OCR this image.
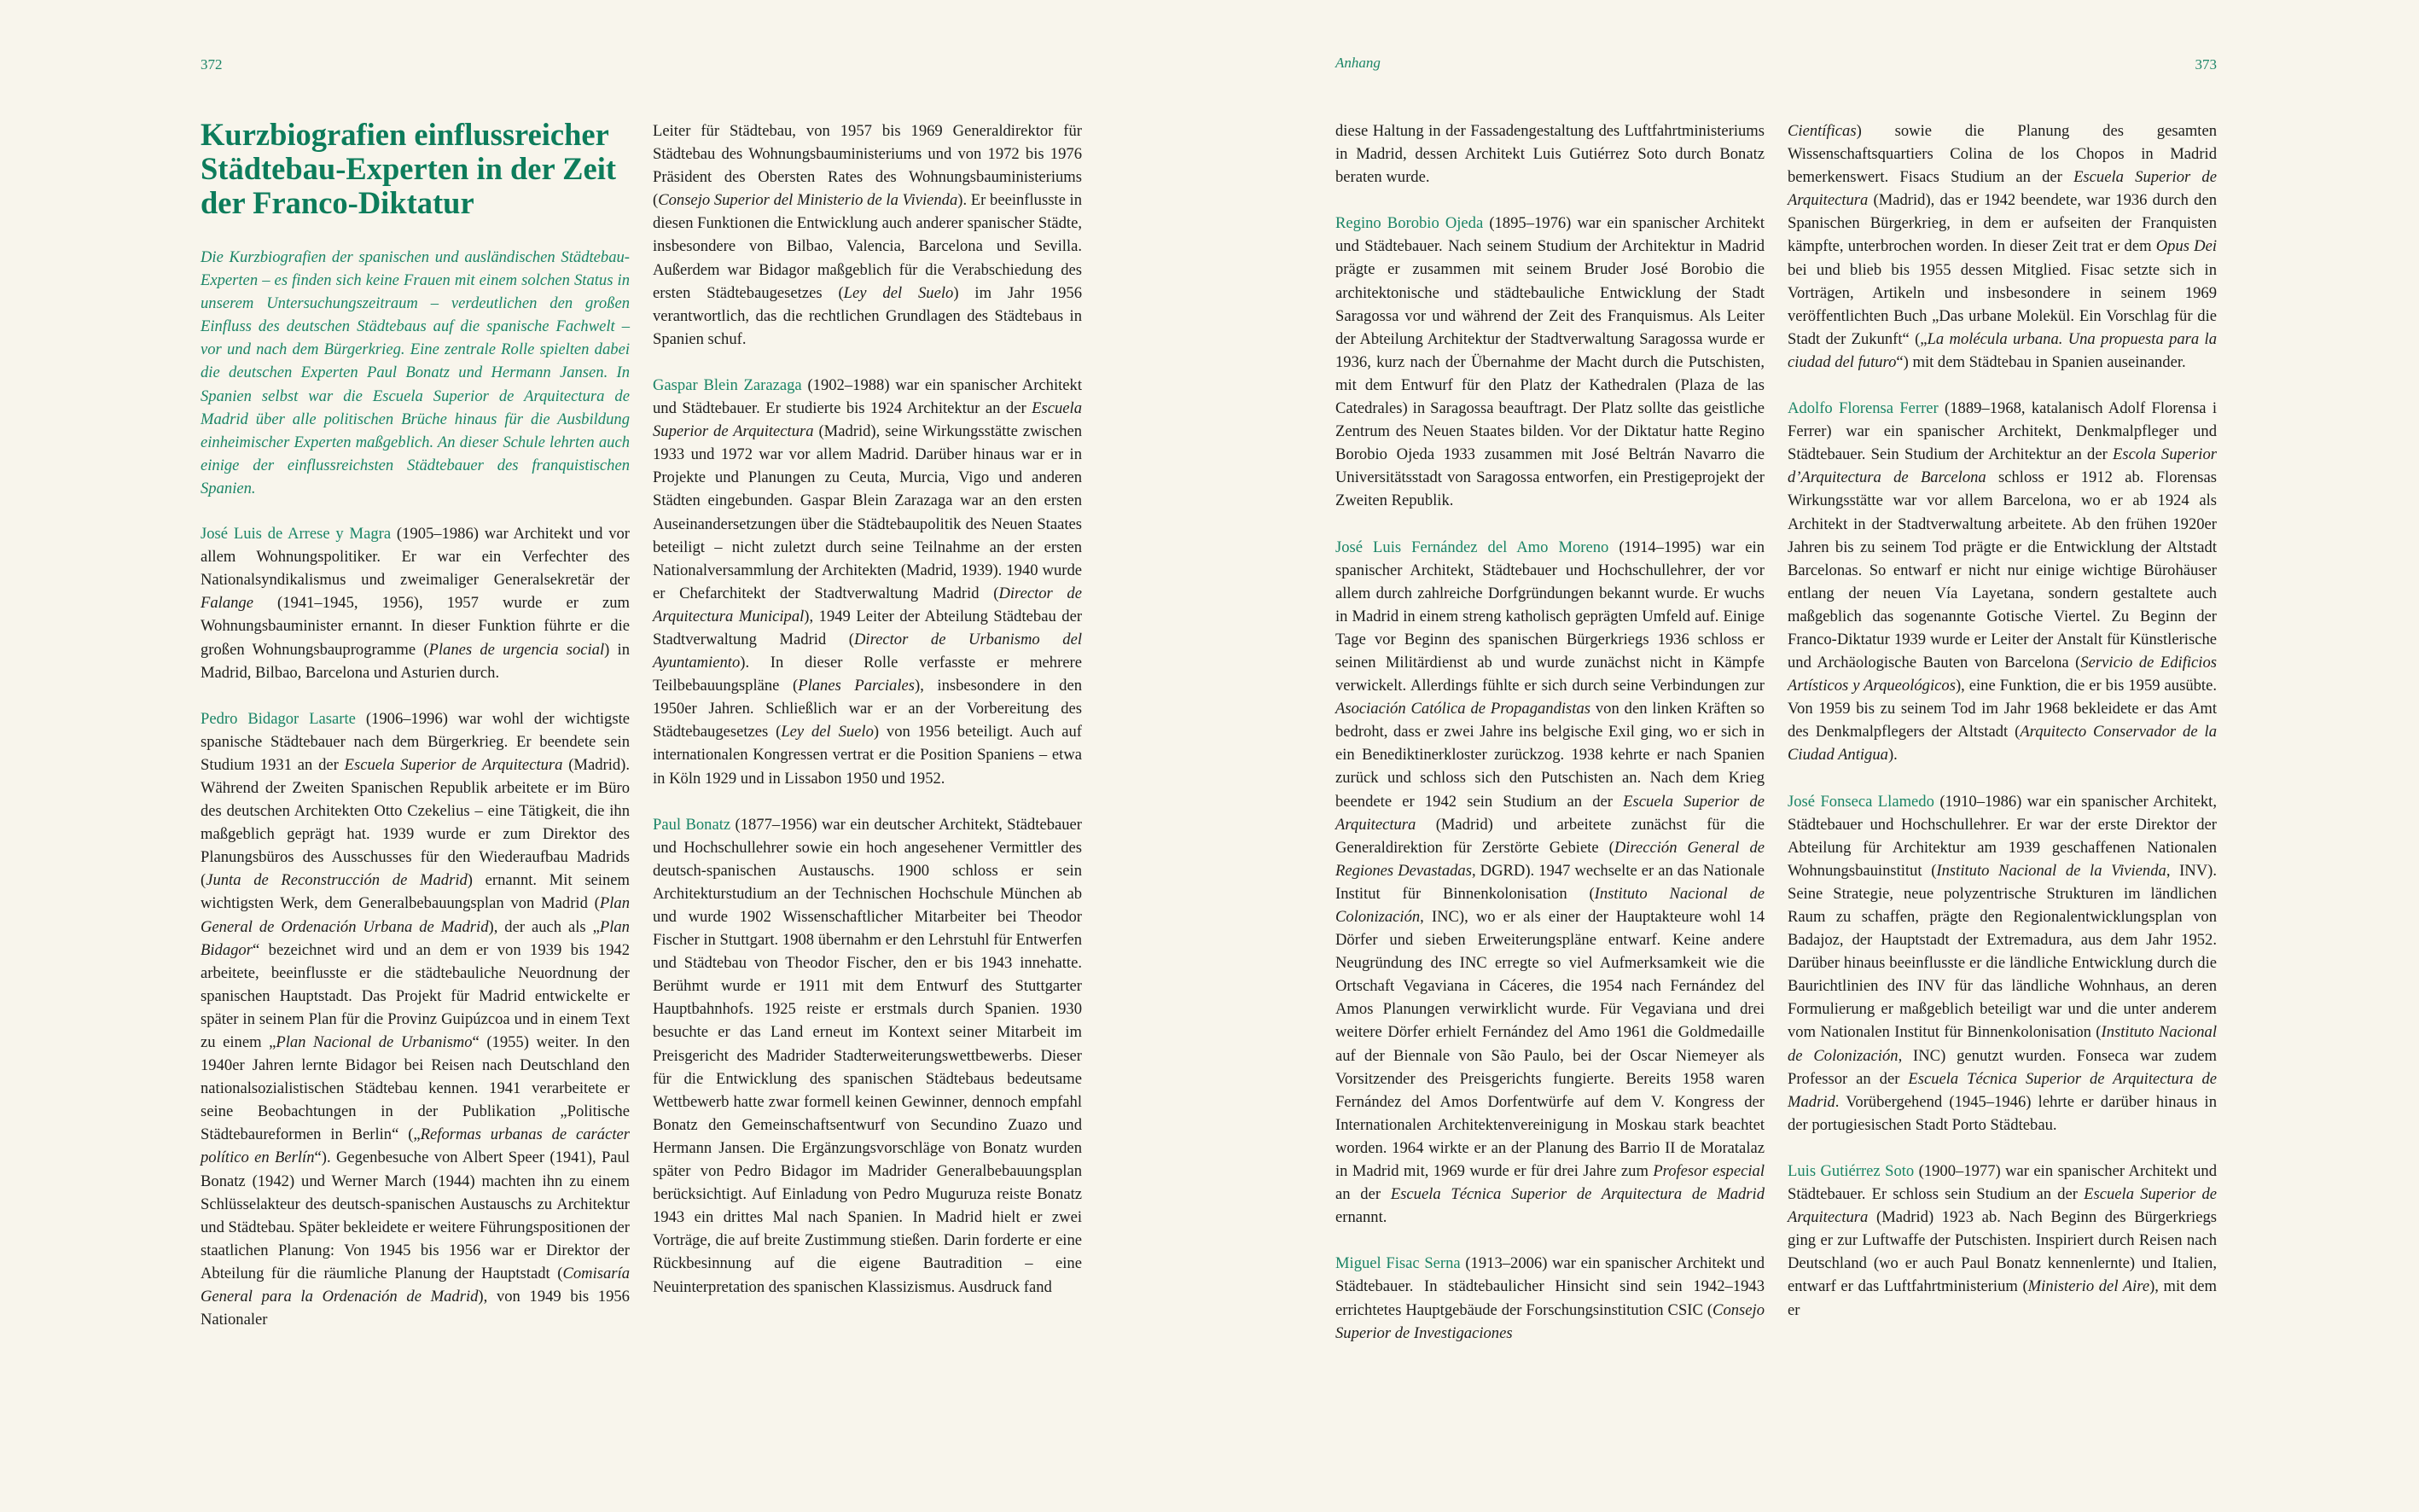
372	Anhang	373
Kurzbiografien einflussreicher Städtebau-Experten in der Zeit der Franco-Diktatur

Die Kurzbiografien der spanischen und ausländischen Städtebau-Experten – es finden sich keine Frauen mit einem solchen Status in unserem Untersuchungszeitraum – verdeutlichen den großen Einfluss des deutschen Städtebaus auf die spanische Fachwelt – vor und nach dem Bürgerkrieg. Eine zentrale Rolle spielten dabei die deutschen Experten Paul Bonatz und Hermann Jansen. In Spanien selbst war die Escuela Superior de Arquitectura de Madrid über alle politischen Brüche hinaus für die Ausbildung einheimischer Experten maßgeblich. An dieser Schule lehrten auch einige der einflussreichsten Städtebauer des franquistischen Spanien.

José Luis de Arrese y Magra (1905–1986) war Architekt und vor allem Wohnungspolitiker. Er war ein Verfechter des Nationalsyndikalismus und zweimaliger Generalsekretär der Falange (1941–1945, 1956), 1957 wurde er zum Wohnungsbauminister ernannt. In dieser Funktion führte er die großen Wohnungsbauprogramme (Planes de urgencia social) in Madrid, Bilbao, Barcelona und Asturien durch.

Pedro Bidagor Lasarte (1906–1996) war wohl der wichtigste spanische Städtebauer nach dem Bürgerkrieg. Er beendete sein Studium 1931 an der Escuela Superior de Arquitectura (Madrid). Während der Zweiten Spanischen Republik arbeitete er im Büro des deutschen Architekten Otto Czekelius – eine Tätigkeit, die ihn maßgeblich geprägt hat. 1939 wurde er zum Direktor des Planungsbüros des Ausschusses für den Wiederaufbau Madrids (Junta de Reconstrucción de Madrid) ernannt. Mit seinem wichtigsten Werk, dem Generalbebauungsplan von Madrid (Plan General de Ordenación Urbana de Madrid), der auch als „Plan Bidagor“ bezeichnet wird und an dem er von 1939 bis 1942 arbeitete, beeinflusste er die städtebauliche Neuordnung der spanischen Hauptstadt. Das Projekt für Madrid entwickelte er später in seinem Plan für die Provinz Guipúzcoa und in einem Text zu einem „Plan Nacional de Urbanismo“ (1955) weiter. In den 1940er Jahren lernte Bidagor bei Reisen nach Deutschland den nationalsozialistischen Städtebau kennen. 1941 verarbeitete er seine Beobachtungen in der Publikation „Politische Städtebaureformen in Berlin“ („Reformas urbanas de carácter político en Berlín“). Gegenbesuche von Albert Speer (1941), Paul Bonatz (1942) und Werner March (1944) machten ihn zu einem Schlüsselakteur des deutsch-spanischen Austauschs zu Architektur und Städtebau. Später bekleidete er weitere Führungspositionen der staatlichen Planung: Von 1945 bis 1956 war er Direktor der Abteilung für die räumliche Planung der Hauptstadt (Comisaría General para la Ordenación de Madrid), von 1949 bis 1956 Nationaler

Leiter für Städtebau, von 1957 bis 1969 Generaldirektor für Städtebau des Wohnungsbauministeriums und von 1972 bis 1976 Präsident des Obersten Rates des Wohnungsbauministeriums (Consejo Superior del Ministerio de la Vivienda). Er beeinflusste in diesen Funktionen die Entwicklung auch anderer spanischer Städte, insbesondere von Bilbao, Valencia, Barcelona und Sevilla. Außerdem war Bidagor maßgeblich für die Verabschiedung des ersten Städtebaugesetzes (Ley del Suelo) im Jahr 1956 verantwortlich, das die rechtlichen Grundlagen des Städtebaus in Spanien schuf.

Gaspar Blein Zarazaga (1902–1988) war ein spanischer Architekt und Städtebauer. Er studierte bis 1924 Architektur an der Escuela Superior de Arquitectura (Madrid), seine Wirkungsstätte zwischen 1933 und 1972 war vor allem Madrid. Darüber hinaus war er in Projekte und Planungen zu Ceuta, Murcia, Vigo und anderen Städten eingebunden. Gaspar Blein Zarazaga war an den ersten Auseinandersetzungen über die Städtebaupolitik des Neuen Staates beteiligt – nicht zuletzt durch seine Teilnahme an der ersten Nationalversammlung der Architekten (Madrid, 1939). 1940 wurde er Chefarchitekt der Stadtverwaltung Madrid (Director de Arquitectura Municipal), 1949 Leiter der Abteilung Städtebau der Stadtverwaltung Madrid (Director de Urbanismo del Ayuntamiento). In dieser Rolle verfasste er mehrere Teilbebauungspläne (Planes Parciales), insbesondere in den 1950er Jahren. Schließlich war er an der Vorbereitung des Städtebaugesetzes (Ley del Suelo) von 1956 beteiligt. Auch auf internationalen Kongressen vertrat er die Position Spaniens – etwa in Köln 1929 und in Lissabon 1950 und 1952.

Paul Bonatz (1877–1956) war ein deutscher Architekt, Städtebauer und Hochschullehrer sowie ein hoch angesehener Vermittler des deutsch-spanischen Austauschs. 1900 schloss er sein Architekturstudium an der Technischen Hochschule München ab und wurde 1902 Wissenschaftlicher Mitarbeiter bei Theodor Fischer in Stuttgart. 1908 übernahm er den Lehrstuhl für Entwerfen und Städtebau von Theodor Fischer, den er bis 1943 innehatte. Berühmt wurde er 1911 mit dem Entwurf des Stuttgarter Hauptbahnhofs. 1925 reiste er erstmals durch Spanien. 1930 besuchte er das Land erneut im Kontext seiner Mitarbeit im Preisgericht des Madrider Stadterweiterungswettbewerbs. Dieser für die Entwicklung des spanischen Städtebaus bedeutsame Wettbewerb hatte zwar formell keinen Gewinner, dennoch empfahl Bonatz den Gemeinschaftsentwurf von Secundino Zuazo und Hermann Jansen. Die Ergänzungsvorschläge von Bonatz wurden später von Pedro Bidagor im Madrider Generalbebauungsplan berücksichtigt. Auf Einladung von Pedro Muguruza reiste Bonatz 1943 ein drittes Mal nach Spanien. In Madrid hielt er zwei Vorträge, die auf breite Zustimmung stießen. Darin forderte er eine Rückbesinnung auf die eigene Bautradition – eine Neuinterpretation des spanischen Klassizismus. Ausdruck fand

diese Haltung in der Fassadengestaltung des Luftfahrtministeriums in Madrid, dessen Architekt Luis Gutiérrez Soto durch Bonatz beraten wurde.

Regino Borobio Ojeda (1895–1976) war ein spanischer Architekt und Städtebauer. Nach seinem Studium der Architektur in Madrid prägte er zusammen mit seinem Bruder José Borobio die architektonische und städtebauliche Entwicklung der Stadt Saragossa vor und während der Zeit des Franquismus. Als Leiter der Abteilung Architektur der Stadtverwaltung Saragossa wurde er 1936, kurz nach der Übernahme der Macht durch die Putschisten, mit dem Entwurf für den Platz der Kathedralen (Plaza de las Catedrales) in Saragossa beauftragt. Der Platz sollte das geistliche Zentrum des Neuen Staates bilden. Vor der Diktatur hatte Regino Borobio Ojeda 1933 zusammen mit José Beltrán Navarro die Universitätsstadt von Saragossa entworfen, ein Prestigeprojekt der Zweiten Republik.

José Luis Fernández del Amo Moreno (1914–1995) war ein spanischer Architekt, Städtebauer und Hochschullehrer, der vor allem durch zahlreiche Dorfgründungen bekannt wurde. Er wuchs in Madrid in einem streng katholisch geprägten Umfeld auf. Einige Tage vor Beginn des spanischen Bürgerkriegs 1936 schloss er seinen Militärdienst ab und wurde zunächst nicht in Kämpfe verwickelt. Allerdings fühlte er sich durch seine Verbindungen zur Asociación Católica de Propagandistas von den linken Kräften so bedroht, dass er zwei Jahre ins belgische Exil ging, wo er sich in ein Benediktinerkloster zurückzog. 1938 kehrte er nach Spanien zurück und schloss sich den Putschisten an. Nach dem Krieg beendete er 1942 sein Studium an der Escuela Superior de Arquitectura (Madrid) und arbeitete zunächst für die Generaldirektion für Zerstörte Gebiete (Dirección General de Regiones Devastadas, DGRD). 1947 wechselte er an das Nationale Institut für Binnenkolonisation (Instituto Nacional de Colonización, INC), wo er als einer der Hauptakteure wohl 14 Dörfer und sieben Erweiterungspläne entwarf. Keine andere Neugründung des INC erregte so viel Aufmerksamkeit wie die Ortschaft Vegaviana in Cáceres, die 1954 nach Fernández del Amos Planungen verwirklicht wurde. Für Vegaviana und drei weitere Dörfer erhielt Fernández del Amo 1961 die Goldmedaille auf der Biennale von São Paulo, bei der Oscar Niemeyer als Vorsitzender des Preisgerichts fungierte. Bereits 1958 waren Fernández del Amos Dorfentwürfe auf dem V. Kongress der Internationalen Architektenvereinigung in Moskau stark beachtet worden. 1964 wirkte er an der Planung des Barrio II de Moratalaz in Madrid mit, 1969 wurde er für drei Jahre zum Profesor especial an der Escuela Técnica Superior de Arquitectura de Madrid ernannt.

Miguel Fisac Serna (1913–2006) war ein spanischer Architekt und Städtebauer. In städtebaulicher Hinsicht sind sein 1942–1943 errichtetes Hauptgebäude der Forschungsinstitution CSIC (Consejo Superior de Investigaciones

Científicas) sowie die Planung des gesamten Wissenschaftsquartiers Colina de los Chopos in Madrid bemerkenswert. Fisacs Studium an der Escuela Superior de Arquitectura (Madrid), das er 1942 beendete, war 1936 durch den Spanischen Bürgerkrieg, in dem er aufseiten der Franquisten kämpfte, unterbrochen worden. In dieser Zeit trat er dem Opus Dei bei und blieb bis 1955 dessen Mitglied. Fisac setzte sich in Vorträgen, Artikeln und insbesondere in seinem 1969 veröffentlichten Buch „Das urbane Molekül. Ein Vorschlag für die Stadt der Zukunft“ („La molécula urbana. Una propuesta para la ciudad del futuro“) mit dem Städtebau in Spanien auseinander.

Adolfo Florensa Ferrer (1889–1968, katalanisch Adolf Florensa i Ferrer) war ein spanischer Architekt, Denkmalpfleger und Städtebauer. Sein Studium der Architektur an der Escola Superior d’Arquitectura de Barcelona schloss er 1912 ab. Florensas Wirkungsstätte war vor allem Barcelona, wo er ab 1924 als Architekt in der Stadtverwaltung arbeitete. Ab den frühen 1920er Jahren bis zu seinem Tod prägte er die Entwicklung der Altstadt Barcelonas. So entwarf er nicht nur einige wichtige Bürohäuser entlang der neuen Vía Layetana, sondern gestaltete auch maßgeblich das sogenannte Gotische Viertel. Zu Beginn der Franco-Diktatur 1939 wurde er Leiter der Anstalt für Künstlerische und Archäologische Bauten von Barcelona (Servicio de Edificios Artísticos y Arqueológicos), eine Funktion, die er bis 1959 ausübte. Von 1959 bis zu seinem Tod im Jahr 1968 bekleidete er das Amt des Denkmalpflegers der Altstadt (Arquitecto Conservador de la Ciudad Antigua).

José Fonseca Llamedo (1910–1986) war ein spanischer Architekt, Städtebauer und Hochschullehrer. Er war der erste Direktor der Abteilung für Architektur am 1939 geschaffenen Nationalen Wohnungsbauinstitut (Instituto Nacional de la Vivienda, INV). Seine Strategie, neue polyzentrische Strukturen im ländlichen Raum zu schaffen, prägte den Regionalentwicklungsplan von Badajoz, der Hauptstadt der Extremadura, aus dem Jahr 1952. Darüber hinaus beeinflusste er die ländliche Entwicklung durch die Baurichtlinien des INV für das ländliche Wohnhaus, an deren Formulierung er maßgeblich beteiligt war und die unter anderem vom Nationalen Institut für Binnenkolonisation (Instituto Nacional de Colonización, INC) genutzt wurden. Fonseca war zudem Professor an der Escuela Técnica Superior de Arquitectura de Madrid. Vorübergehend (1945–1946) lehrte er darüber hinaus in der portugiesischen Stadt Porto Städtebau.

Luis Gutiérrez Soto (1900–1977) war ein spanischer Architekt und Städtebauer. Er schloss sein Studium an der Escuela Superior de Arquitectura (Madrid) 1923 ab. Nach Beginn des Bürgerkriegs ging er zur Luftwaffe der Putschisten. Inspiriert durch Reisen nach Deutschland (wo er auch Paul Bonatz kennenlernte) und Italien, entwarf er das Luftfahrtministerium (Ministerio del Aire), mit dem er
